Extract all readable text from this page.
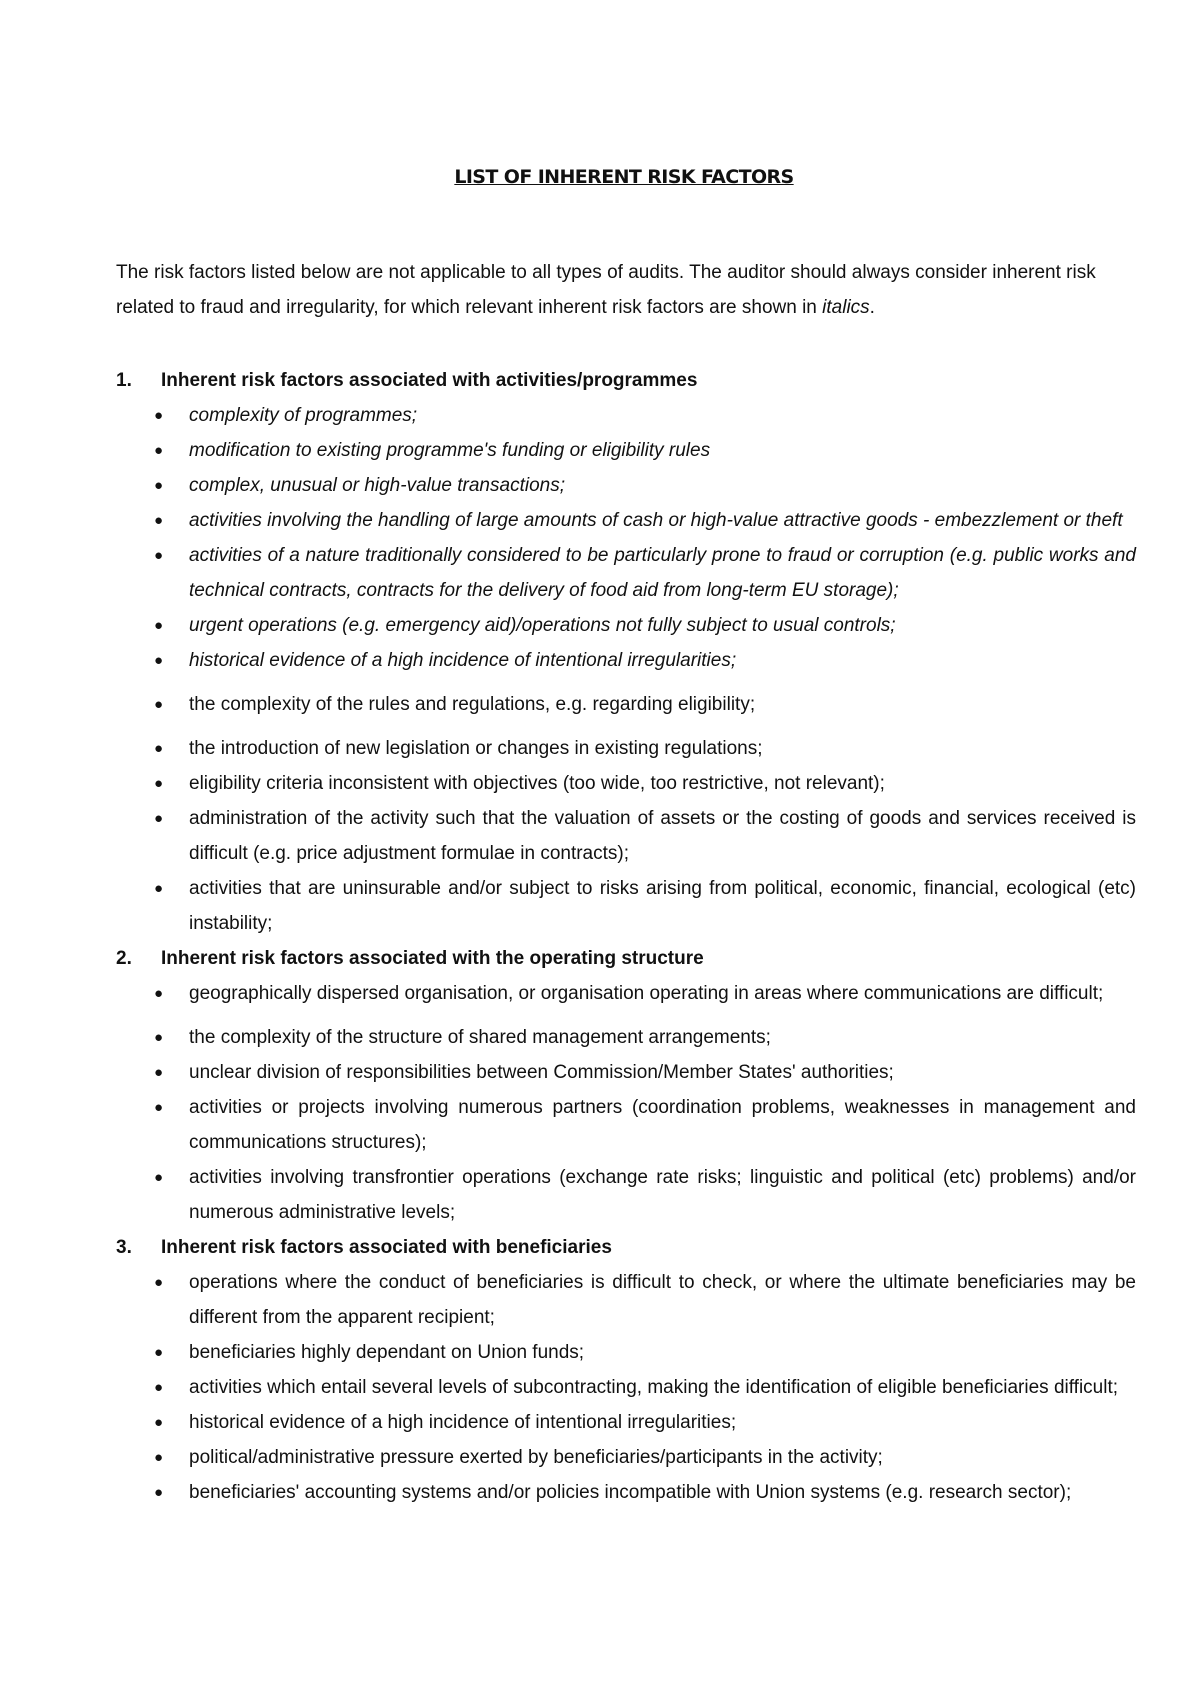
LIST OF INHERENT RISK FACTORS
The risk factors listed below are not applicable to all types of audits. The auditor should always consider inherent risk related to fraud and irregularity, for which relevant inherent risk factors are shown in italics.
1.	Inherent risk factors associated with activities/programmes
●	complexity of programmes;
●	modification to existing programme's funding or eligibility rules
●	complex, unusual or high-value transactions;
●	activities involving the handling of large amounts of cash or high-value attractive goods - embezzlement or theft
●	activities of a nature traditionally considered to be particularly prone to fraud or corruption (e.g. public works and technical contracts, contracts for the delivery of food aid from long-term EU storage);
●	urgent operations (e.g. emergency aid)/operations not fully subject to usual controls;
●	historical evidence of a high incidence of intentional irregularities;
●	the complexity of the rules and regulations, e.g. regarding eligibility;
●	the introduction of new legislation or changes in existing regulations;
●	eligibility criteria inconsistent with objectives (too wide, too restrictive, not relevant);
●	administration of the activity such that the valuation of assets or the costing of goods and services received is difficult (e.g. price adjustment formulae in contracts);
●	activities that are uninsurable and/or subject to risks arising from political, economic, financial, ecological (etc) instability;
2.	Inherent risk factors associated with the operating structure
●	geographically dispersed organisation, or organisation operating in areas where communications are difficult;
●	the complexity of the structure of shared management arrangements;
●	unclear division of responsibilities between Commission/Member States' authorities;
●	activities or projects involving numerous partners (coordination problems, weaknesses in management and communications structures);
●	activities involving transfrontier operations (exchange rate risks; linguistic and political (etc) problems) and/or numerous administrative levels;
3.	Inherent risk factors associated with beneficiaries
●	operations where the conduct of beneficiaries is difficult to check, or where the ultimate beneficiaries may be different from the apparent recipient;
●	beneficiaries highly dependant on Union funds;
●	activities which entail several levels of subcontracting, making the identification of eligible beneficiaries difficult;
●	historical evidence of a high incidence of intentional irregularities;
●	political/administrative pressure exerted by beneficiaries/participants in the activity;
●	beneficiaries' accounting systems and/or policies incompatible with Union systems (e.g. research sector);
